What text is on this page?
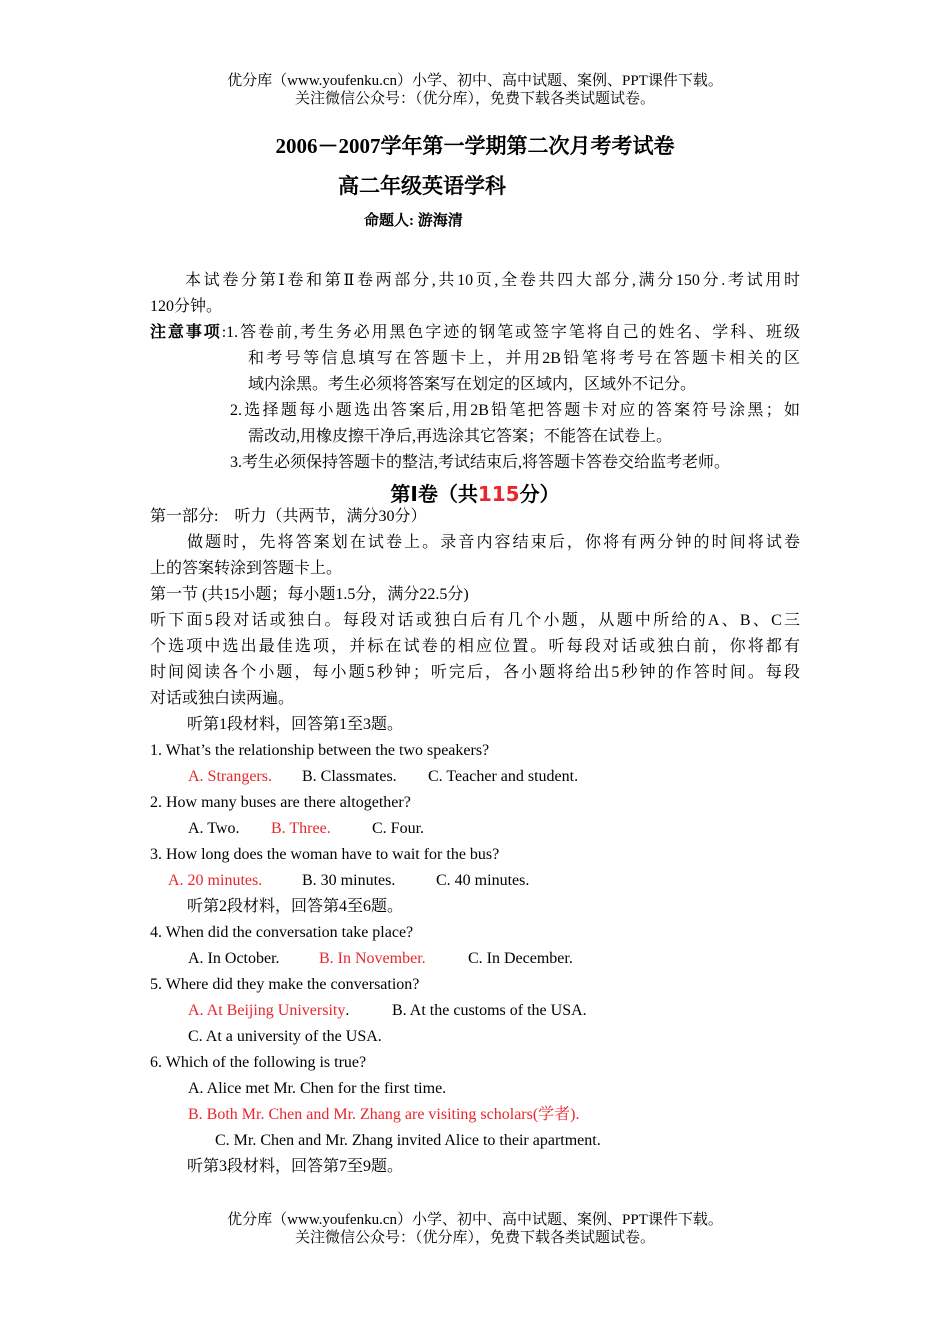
优分库（www.youfenku.cn）小学、初中、高中试题、案例、PPT课件下载。
关注微信公众号：（优分库），免费下载各类试题试卷。
2006－2007学年第一学期第二次月考考试卷
高二年级英语学科
命题人: 游海清
本试卷分第Ⅰ卷和第Ⅱ卷两部分,共10页,全卷共四大部分,满分150分.考试用时
120分钟。
注意事项:1.答卷前,考生务必用黑色字迹的钢笔或签字笔将自己的姓名、学科、班级
和考号等信息填写在答题卡上，并用2B铅笔将考号在答题卡相关的区
域内涂黑。考生必须将答案写在划定的区域内，区域外不记分。
2.选择题每小题选出答案后,用2B铅笔把答题卡对应的答案符号涂黑；如
需改动,用橡皮擦干净后,再选涂其它答案；不能答在试卷上。
3.考生必须保持答题卡的整洁,考试结束后,将答题卡答卷交给监考老师。
第Ⅰ卷（共115分）
第一部分:　听力（共两节，满分30分）
做题时，先将答案划在试卷上。录音内容结束后，你将有两分钟的时间将试卷
上的答案转涂到答题卡上。
第一节 (共15小题；每小题1.5分，满分22.5分)
听下面5段对话或独白。每段对话或独白后有几个小题，从题中所给的A、B、C三
个选项中选出最佳选项，并标在试卷的相应位置。听每段对话或独白前，你将都有
时间阅读各个小题，每小题5秒钟；听完后，各小题将给出5秒钟的作答时间。每段
对话或独白读两遍。
听第1段材料，回答第1至3题。
1. What’s the relationship between the two speakers?
A. Strangers. B. Classmates. C. Teacher and student.
2. How many buses are there altogether?
A. Two. B. Three.	C. Four.
3. How long does the woman have to wait for the bus?
A. 20 minutes. B. 30 minutes.	C. 40 minutes.
听第2段材料，回答第4至6题。
4. When did the conversation take place?
A. In October. B. In November.	C. In December.
5. Where did they make the conversation?
A. At Beijing University.	B. At the customs of the USA.
C. At a university of the USA.
6. Which of the following is true?
A. Alice met Mr. Chen for the first time.
B. Both Mr. Chen and Mr. Zhang are visiting scholars(学者).
C. Mr. Chen and Mr. Zhang invited Alice to their apartment.
听第3段材料，回答第7至9题。
优分库（www.youfenku.cn）小学、初中、高中试题、案例、PPT课件下载。
关注微信公众号：（优分库），免费下载各类试题试卷。
